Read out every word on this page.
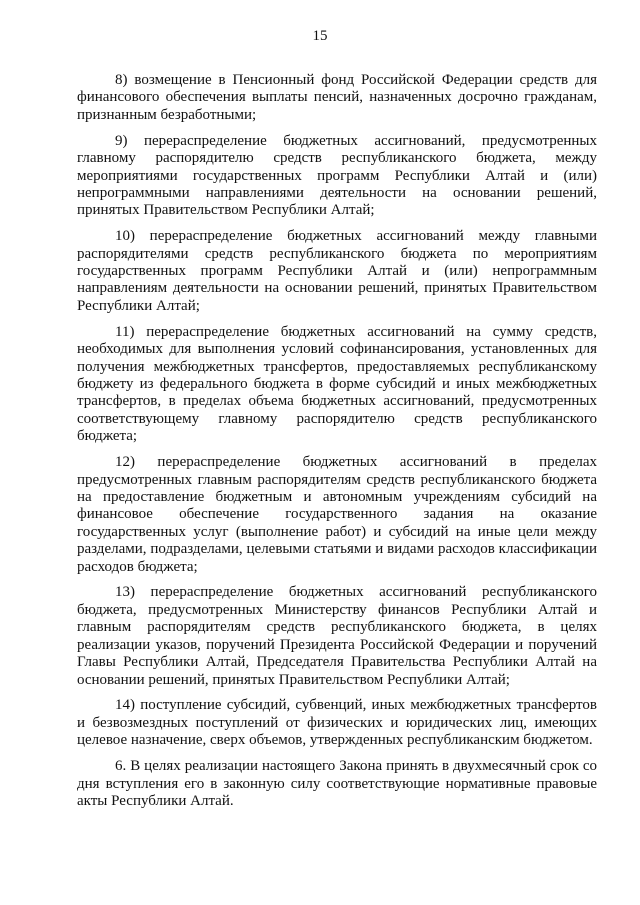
15

8) возмещение в Пенсионный фонд Российской Федерации средств для финансового обеспечения выплаты пенсий, назначенных досрочно гражданам, признанным безработными;

9) перераспределение бюджетных ассигнований, предусмотренных главному распорядителю средств республиканского бюджета, между мероприятиями государственных программ Республики Алтай и (или) непрограммными направлениями деятельности на основании решений, принятых Правительством Республики Алтай;

10) перераспределение бюджетных ассигнований между главными распорядителями средств республиканского бюджета по мероприятиям государственных программ Республики Алтай и (или) непрограммным направлениям деятельности на основании решений, принятых Правительством Республики Алтай;

11) перераспределение бюджетных ассигнований на сумму средств, необходимых для выполнения условий софинансирования, установленных для получения межбюджетных трансфертов, предоставляемых республиканскому бюджету из федерального бюджета в форме субсидий и иных межбюджетных трансфертов, в пределах объема бюджетных ассигнований, предусмотренных соответствующему главному распорядителю средств республиканского бюджета;

12) перераспределение бюджетных ассигнований в пределах предусмотренных главным распорядителям средств республиканского бюджета на предоставление бюджетным и автономным учреждениям субсидий на финансовое обеспечение государственного задания на оказание государственных услуг (выполнение работ) и субсидий на иные цели между разделами, подразделами, целевыми статьями и видами расходов классификации расходов бюджета;

13) перераспределение бюджетных ассигнований республиканского бюджета, предусмотренных Министерству финансов Республики Алтай и главным распорядителям средств республиканского бюджета, в целях реализации указов, поручений Президента Российской Федерации и поручений Главы Республики Алтай, Председателя Правительства Республики Алтай на основании решений, принятых Правительством Республики Алтай;

14) поступление субсидий, субвенций, иных межбюджетных трансфертов и безвозмездных поступлений от физических и юридических лиц, имеющих целевое назначение, сверх объемов, утвержденных республиканским бюджетом.

6. В целях реализации настоящего Закона принять в двухмесячный срок со дня вступления его в законную силу соответствующие нормативные правовые акты Республики Алтай.
